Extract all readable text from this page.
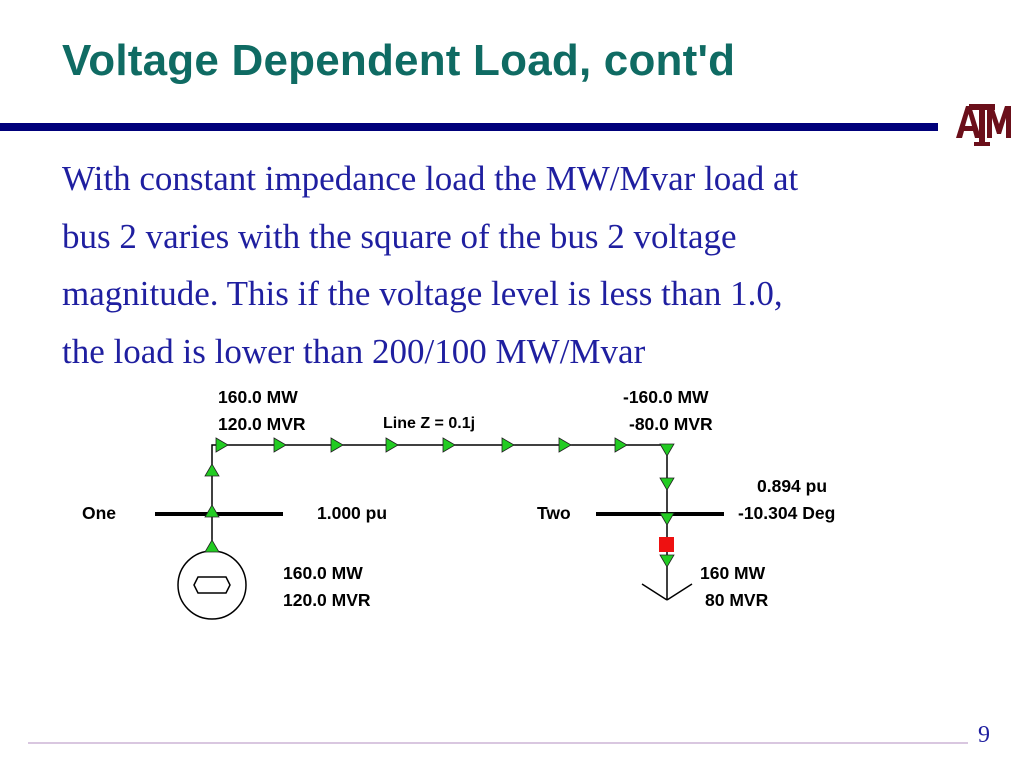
Voltage Dependent Load, cont'd
With constant impedance load the MW/Mvar load at
bus 2 varies with the square of the bus 2 voltage
magnitude. This if the voltage level is less than 1.0,
the load is lower than 200/100 MW/Mvar
160.0 MW
120.0 MVR	Line Z = 0.1j
-160.0 MW
-80.0 MVR
One	1.000 pu	Two
0.894 pu
-10.304 Deg
160.0 MW
120.0 MVR
160 MW
80 MVR
9
